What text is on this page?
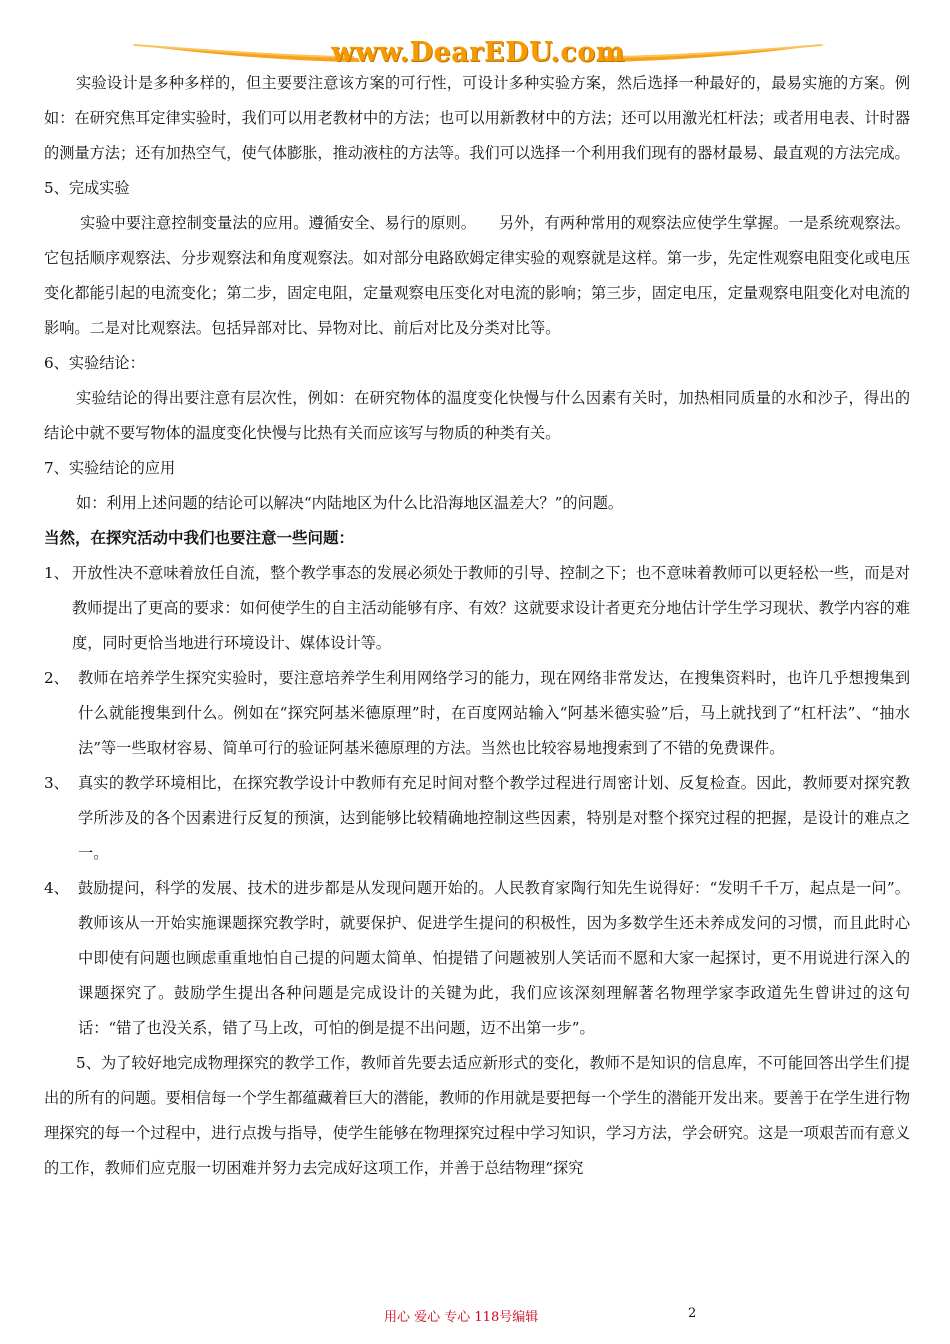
www.DearEDU.com

实验设计是多种多样的，但主要要注意该方案的可行性，可设计多种实验方案，然后选择一种最好的，最易实施的方案。例如：在研究焦耳定律实验时，我们可以用老教材中的方法；也可以用新教材中的方法；还可以用激光杠杆法；或者用电表、计时器的测量方法；还有加热空气，使气体膨胀，推动液柱的方法等。我们可以选择一个利用我们现有的器材最易、最直观的方法完成。

5、完成实验

实验中要注意控制变量法的应用。遵循安全、易行的原则。　　另外，有两种常用的观察法应使学生掌握。一是系统观察法。它包括顺序观察法、分步观察法和角度观察法。如对部分电路欧姆定律实验的观察就是这样。第一步，先定性观察电阻变化或电压变化都能引起的电流变化；第二步，固定电阻，定量观察电压变化对电流的影响；第三步，固定电压，定量观察电阻变化对电流的影响。二是对比观察法。包括异部对比、异物对比、前后对比及分类对比等。

6、实验结论：

实验结论的得出要注意有层次性，例如：在研究物体的温度变化快慢与什么因素有关时，加热相同质量的水和沙子，得出的结论中就不要写物体的温度变化快慢与比热有关而应该写与物质的种类有关。

7、实验结论的应用

如：利用上述问题的结论可以解决“内陆地区为什么比沿海地区温差大？”的问题。

当然，在探究活动中我们也要注意一些问题：

1、 开放性决不意味着放任自流，整个教学事态的发展必须处于教师的引导、控制之下；也不意味着教师可以更轻松一些，而是对教师提出了更高的要求：如何使学生的自主活动能够有序、有效？这就要求设计者更充分地估计学生学习现状、教学内容的难度，同时更恰当地进行环境设计、媒体设计等。
2、 教师在培养学生探究实验时，要注意培养学生利用网络学习的能力，现在网络非常发达，在搜集资料时，也许几乎想搜集到什么就能搜集到什么。例如在“探究阿基米德原理”时，在百度网站输入“阿基米德实验”后，马上就找到了“杠杆法”、“抽水法”等一些取材容易、简单可行的验证阿基米德原理的方法。当然也比较容易地搜索到了不错的免费课件。
3、 真实的教学环境相比，在探究教学设计中教师有充足时间对整个教学过程进行周密计划、反复检查。因此，教师要对探究教学所涉及的各个因素进行反复的预演，达到能够比较精确地控制这些因素，特别是对整个探究过程的把握，是设计的难点之一。
4、 鼓励提问，科学的发展、技术的进步都是从发现问题开始的。人民教育家陶行知先生说得好：“发明千千万，起点是一问”。教师该从一开始实施课题探究教学时，就要保护、促进学生提问的积极性，因为多数学生还未养成发问的习惯，而且此时心中即使有问题也顾虑重重地怕自己提的问题太简单、怕提错了问题被别人笑话而不愿和大家一起探讨，更不用说进行深入的课题探究了。鼓励学生提出各种问题是完成设计的关键为此，我们应该深刻理解著名物理学家李政道先生曾讲过的这句话：“错了也没关系，错了马上改，可怕的倒是提不出问题，迈不出第一步”。

5、为了较好地完成物理探究的教学工作，教师首先要去适应新形式的变化，教师不是知识的信息库，不可能回答出学生们提出的所有的问题。要相信每一个学生都蕴藏着巨大的潜能，教师的作用就是要把每一个学生的潜能开发出来。要善于在学生进行物理探究的每一个过程中，进行点拨与指导，使学生能够在物理探究过程中学习知识，学习方法，学会研究。这是一项艰苦而有意义的工作，教师们应克服一切困难并努力去完成好这项工作，并善于总结物理“探究

用心 爱心 专心 118号编辑	2
